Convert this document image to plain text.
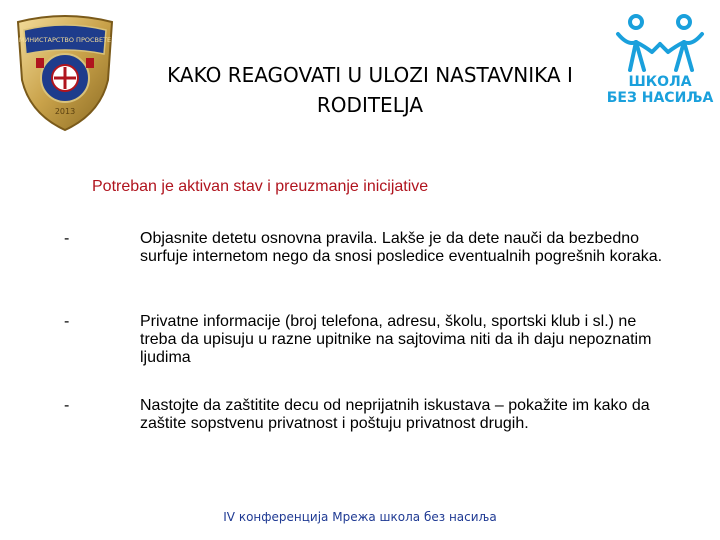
МИНИСТАРСТВО ПРОСВЕТЕ
2013
ШКОЛА
БЕЗ НАСИЉА
KAKO REAGOVATI U ULOZI NASTAVNIKA I
RODITELJA
Potreban je aktivan stav i preuzmanje inicijative
-	Objasnite detetu osnovna pravila. Lakše je da dete nauči da bezbedno surfuje internetom nego da snosi posledice eventualnih pogrešnih koraka.
-	Privatne informacije (broj telefona, adresu, školu, sportski klub i sl.) ne treba da upisuju u razne upitnike na sajtovima niti da ih daju nepoznatim ljudima
-	Nastojte da zaštitite decu od neprijatnih iskustava – pokažite im kako da zaštite sopstvenu privatnost i poštuju privatnost drugih.
IV конференција Мрежа школа без насиља
